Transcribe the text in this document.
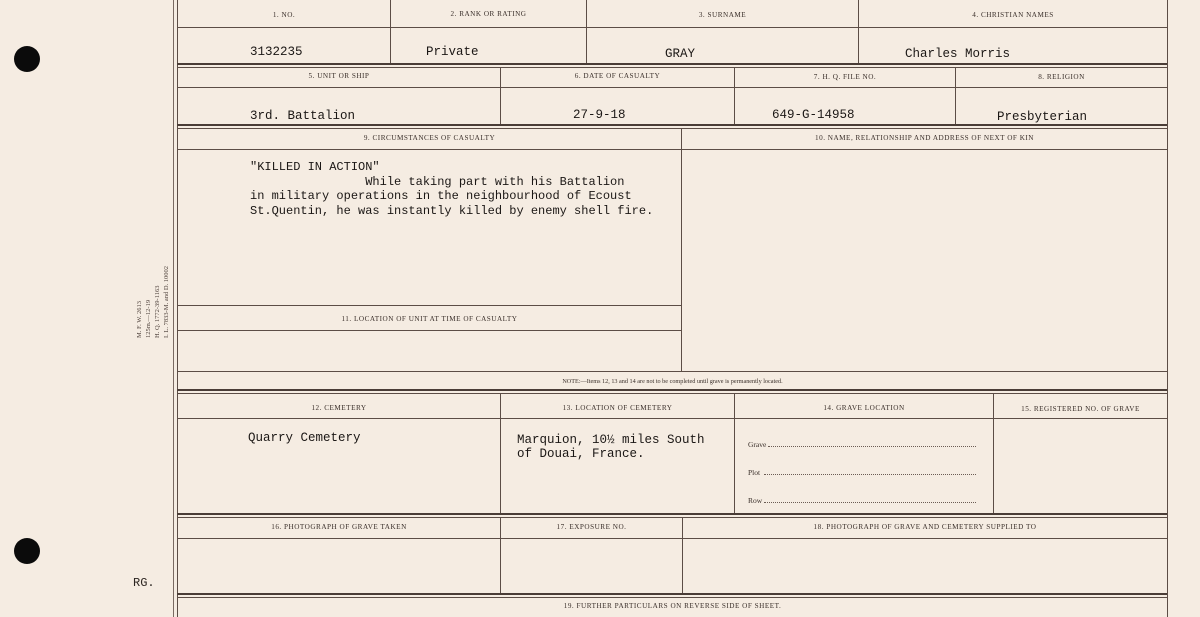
M. F. W. 2613 125m.—12-19 H. Q. 1772-39-1163 I. L. 7833-M. and D. 10002
RG.
1. NO.	2. RANK OR RATING	3. SURNAME	4. CHRISTIAN NAMES
3132235	Private	GRAY	Charles Morris
5. UNIT OR SHIP	6. DATE OF CASUALTY	7. H. Q. FILE NO.	8. RELIGION
3rd. Battalion	27-9-18	649-G-14958	Presbyterian
9. CIRCUMSTANCES OF CASUALTY	10. NAME, RELATIONSHIP AND ADDRESS OF NEXT OF KIN
"KILLED IN ACTION"
While taking part with his Battalion
in military operations in the neighbourhood of Ecoust
St.Quentin, he was instantly killed by enemy shell fire.
11. LOCATION OF UNIT AT TIME OF CASUALTY
NOTE:—Items 12, 13 and 14 are not to be completed until grave is permanently located.
12. CEMETERY	13. LOCATION OF CEMETERY	14. GRAVE LOCATION	15. REGISTERED NO. OF GRAVE
Quarry Cemetery	Marquion, 10½ miles South
of Douai, France.
Grave
Plot
Row
16. PHOTOGRAPH OF GRAVE TAKEN	17. EXPOSURE NO.	18. PHOTOGRAPH OF GRAVE AND CEMETERY SUPPLIED TO
19. FURTHER PARTICULARS ON REVERSE SIDE OF SHEET.
